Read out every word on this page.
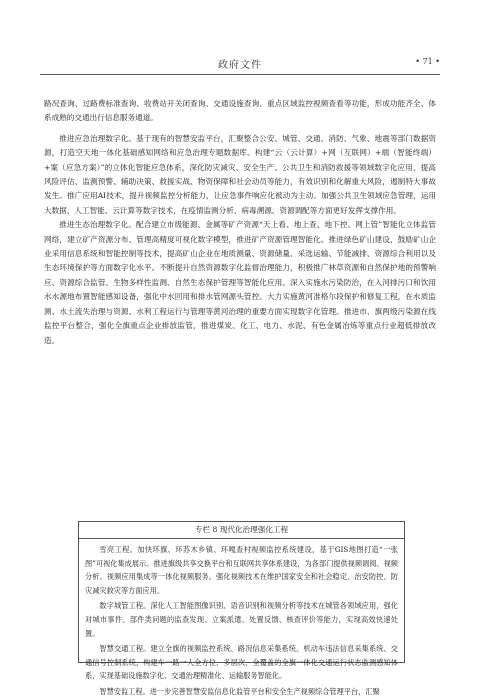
政府文件	• 71 •

路况查询、过路费标准查询、收费站开关闭查询、交通设施查询、重点区域监控视频查看等功能，形成功能齐全、体系成熟的交通出行信息服务通道。

推进应急治理数字化。基于现有的智慧安监平台，汇聚整合公安、城管、交通、消防、气象、地震等部门数据资源，打造空天地一体化基础感知网络和应急治理专题数据库。构建“云（云计算）+网（互联网）+端（智能终端）+案（应急方案）”的立体化智能应急体系，深化防灾减灾、安全生产、公共卫生和消防救援等领域数字化应用，提高风险评估、监测预警、辅助决策、救援实战、物资保障和社会动员等能力，有效识别和化解重大风险，遏制特大事故发生。推广应用AI技术，提升视频监控分析能力，让应急事件响应化被动为主动。加强公共卫生领域应急管理，运用大数据、人工智能、云计算等数字技术，在疫情监测分析、病毒溯源、资源调配等方面更好发挥支撑作用。

推进生态治理数字化。配合建立市级能源、金属等矿产资源“天上看、地上查、地下控、网上管”智能化立体监管网络，建立矿产资源分布、管理高精度可视化数字模型，推进矿产资源管理智能化。推进绿色矿山建设，鼓励矿山企业采用信息系统和智能控制等技术，提高矿山企业在地质测量、资源储量、采选运输、节能减排、资源综合利用以及生态环境保护等方面数字化水平。不断提升自然资源数字化监督治理能力，积极推广林草资源和自然保护地的预警响应、资源综合监管、生物多样性监测、自然生态保护管理等智能化应用。深入实施水污染防治，在入河排污口和饮用水水源地布置智能感知设备，强化中水回用和排水管网源头管控。大力实施黄河准格尔段保护和修复工程，在水质监测、水土流失治理与资源、水利工程运行与管理等黄河治理的重要方面实现数字化管理。推进市、旗两级污染源在线监控平台整合，强化全旗重点企业排放监管，推进煤炭、化工、电力、水泥、有色金属冶炼等重点行业超低排放改造。

专栏 8 现代化治理强化工程

雪亮工程。加快环旗、环苏木乡镇、环嘎查村视频监控系统建设，基于GIS地图打造“一张图”可视化集成展示。推进旗级共享交换平台和互联网共享体系建设，为各部门提供视频调阅、视频分析、视频应用集成等一体化视频服务。强化视频技术在维护国家安全和社会稳定、治安防控、防灾减灾救灾等方面应用。

数字城管工程。深化人工智能图像识别、语音识别和视频分析等技术在城管各领域应用，强化对城市事件、部件类问题的监查发现、立案派遣、处置反馈、核查评价等能力，实现高效快速处置。

智慧交通工程。建立全旗的视频监控系统、路况信息采集系统、机动车违法信息采集系统、交通信号控制系统，构建车一路一人全方位、多层次、全覆盖的全旗一体化交通运行状态监测感知体系，实现基础设施数字化、交通治理精准化、运输服务智能化。

智慧安监工程。进一步完善智慧安监信息化监管平台和安全生产视频综合管理平台，汇聚
